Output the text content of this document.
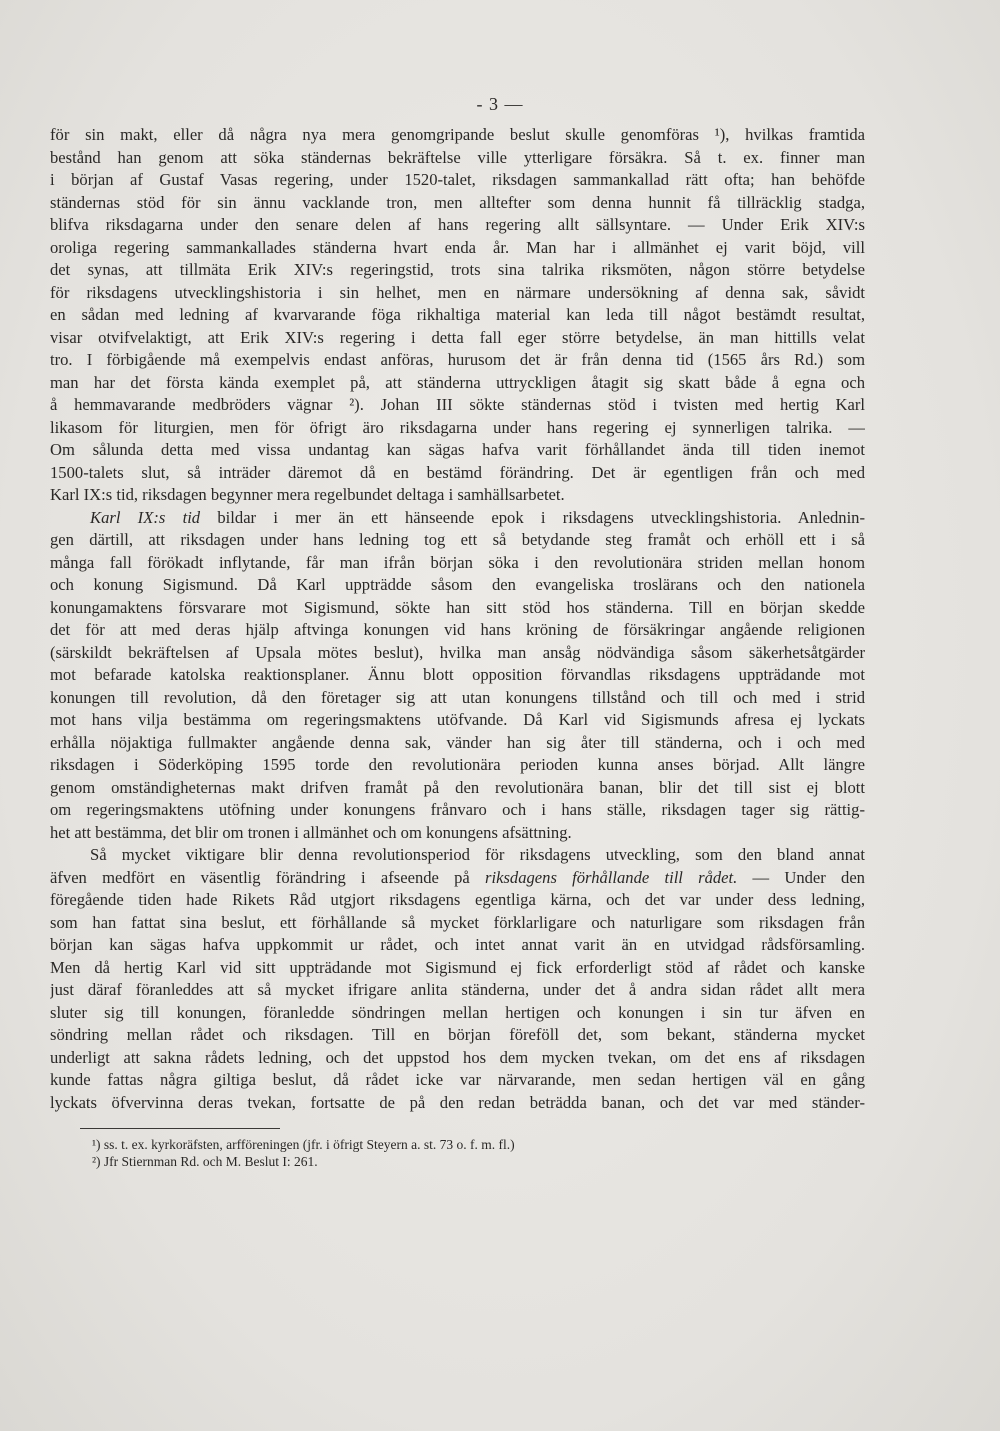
- 3 —
för sin makt, eller då några nya mera genomgripande beslut skulle genomföras ¹), hvilkas framtida
bestånd han genom att söka ständernas bekräftelse ville ytterligare försäkra. Så t. ex. finner man
i början af Gustaf Vasas regering, under 1520-talet, riksdagen sammankallad rätt ofta; han behöfde
ständernas stöd för sin ännu vacklande tron, men alltefter som denna hunnit få tillräcklig stadga,
blifva riksdagarna under den senare delen af hans regering allt sällsyntare. — Under Erik XIV:s
oroliga regering sammankallades ständerna hvart enda år. Man har i allmänhet ej varit böjd, vill
det synas, att tillmäta Erik XIV:s regeringstid, trots sina talrika riksmöten, någon större betydelse
för riksdagens utvecklingshistoria i sin helhet, men en närmare undersökning af denna sak, såvidt
en sådan med ledning af kvarvarande föga rikhaltiga material kan leda till något bestämdt resultat,
visar otvifvelaktigt, att Erik XIV:s regering i detta fall eger större betydelse, än man hittills velat
tro. I förbigående må exempelvis endast anföras, hurusom det är från denna tid (1565 års Rd.) som
man har det första kända exemplet på, att ständerna uttryckligen åtagit sig skatt både å egna och
å hemmavarande medbröders vägnar ²). Johan III sökte ständernas stöd i tvisten med hertig Karl
likasom för liturgien, men för öfrigt äro riksdagarna under hans regering ej synnerligen talrika. —
Om sålunda detta med vissa undantag kan sägas hafva varit förhållandet ända till tiden inemot
1500-talets slut, så inträder däremot då en bestämd förändring. Det är egentligen från och med
Karl IX:s tid, riksdagen begynner mera regelbundet deltaga i samhällsarbetet.
Karl IX:s tid bildar i mer än ett hänseende epok i riksdagens utvecklingshistoria. Anlednin-
gen därtill, att riksdagen under hans ledning tog ett så betydande steg framåt och erhöll ett i så
många fall förökadt inflytande, får man ifrån början söka i den revolutionära striden mellan honom
och konung Sigismund. Då Karl uppträdde såsom den evangeliska troslärans och den nationela
konungamaktens försvarare mot Sigismund, sökte han sitt stöd hos ständerna. Till en början skedde
det för att med deras hjälp aftvinga konungen vid hans kröning de försäkringar angående religionen
(särskildt bekräftelsen af Upsala mötes beslut), hvilka man ansåg nödvändiga såsom säkerhetsåtgärder
mot befarade katolska reaktionsplaner. Ännu blott opposition förvandlas riksdagens uppträdande mot
konungen till revolution, då den företager sig att utan konungens tillstånd och till och med i strid
mot hans vilja bestämma om regeringsmaktens utöfvande. Då Karl vid Sigismunds afresa ej lyckats
erhålla nöjaktiga fullmakter angående denna sak, vänder han sig åter till ständerna, och i och med
riksdagen i Söderköping 1595 torde den revolutionära perioden kunna anses börjad. Allt längre
genom omständigheternas makt drifven framåt på den revolutionära banan, blir det till sist ej blott
om regeringsmaktens utöfning under konungens frånvaro och i hans ställe, riksdagen tager sig rättig-
het att bestämma, det blir om tronen i allmänhet och om konungens afsättning.
Så mycket viktigare blir denna revolutionsperiod för riksdagens utveckling, som den bland annat
äfven medfört en väsentlig förändring i afseende på riksdagens förhållande till rådet. — Under den
föregående tiden hade Rikets Råd utgjort riksdagens egentliga kärna, och det var under dess ledning,
som han fattat sina beslut, ett förhållande så mycket förklarligare och naturligare som riksdagen från
början kan sägas hafva uppkommit ur rådet, och intet annat varit än en utvidgad rådsförsamling.
Men då hertig Karl vid sitt uppträdande mot Sigismund ej fick erforderligt stöd af rådet och kanske
just däraf föranleddes att så mycket ifrigare anlita ständerna, under det å andra sidan rådet allt mera
sluter sig till konungen, föranledde söndringen mellan hertigen och konungen i sin tur äfven en
söndring mellan rådet och riksdagen. Till en början föreföll det, som bekant, ständerna mycket
underligt att sakna rådets ledning, och det uppstod hos dem mycken tvekan, om det ens af riksdagen
kunde fattas några giltiga beslut, då rådet icke var närvarande, men sedan hertigen väl en gång
lyckats öfvervinna deras tvekan, fortsatte de på den redan beträdda banan, och det var med ständer-
¹) ss. t. ex. kyrkoräfsten, arfföreningen (jfr. i öfrigt Steyern a. st. 73 o. f. m. fl.)
²) Jfr Stiernman Rd. och M. Beslut I: 261.
